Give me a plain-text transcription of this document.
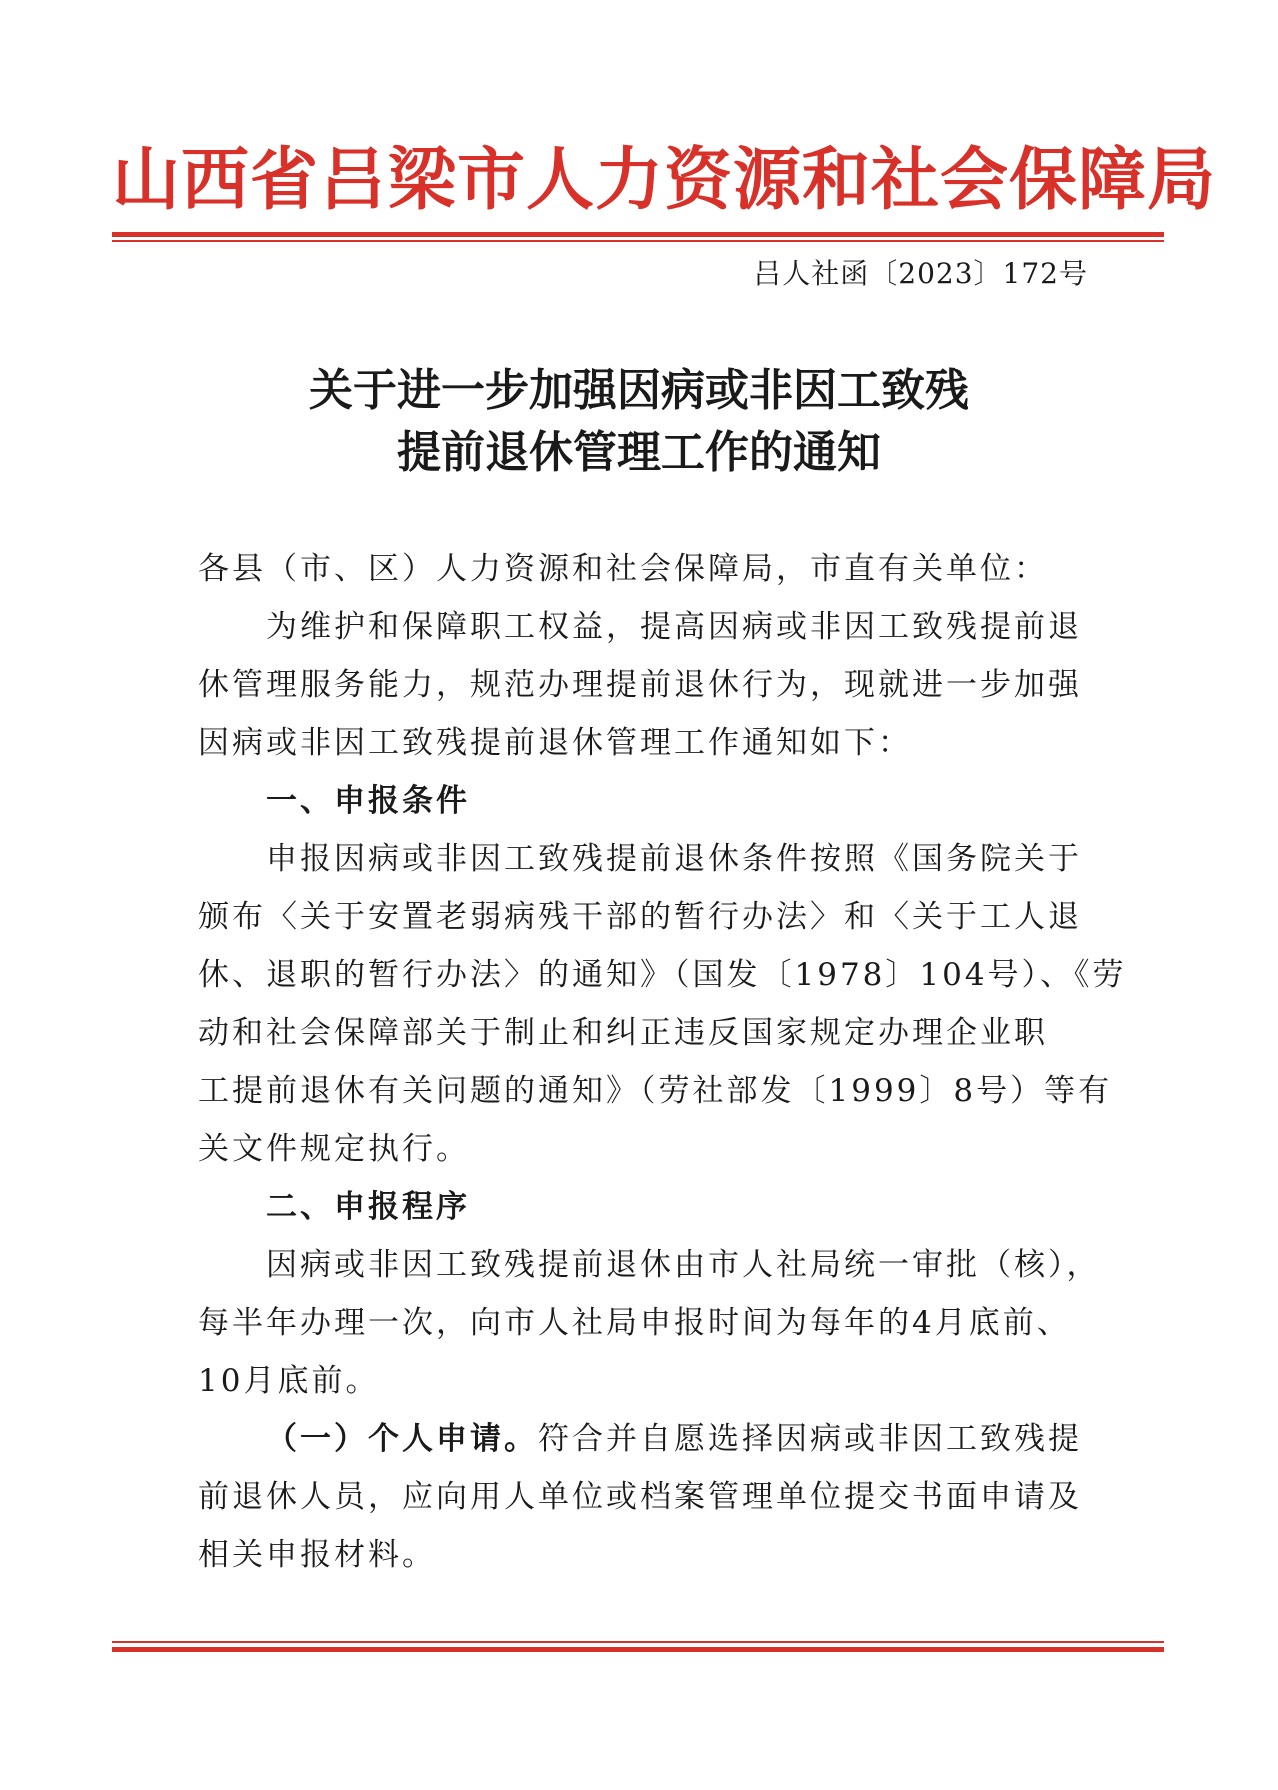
山西省吕梁市人力资源和社会保障局
吕人社函〔2023〕172号
关于进一步加强因病或非因工致残
提前退休管理工作的通知

各县（市、区）人力资源和社会保障局，市直有关单位：

为维护和保障职工权益，提高因病或非因工致残提前退

休管理服务能力，规范办理提前退休行为，现就进一步加强

因病或非因工致残提前退休管理工作通知如下：

一、申报条件

申报因病或非因工致残提前退休条件按照《国务院关于

颁布〈关于安置老弱病残干部的暂行办法〉和〈关于工人退

休、退职的暂行办法〉的通知》（国发〔1978〕104号）、《劳

动和社会保障部关于制止和纠正违反国家规定办理企业职

工提前退休有关问题的通知》（劳社部发〔1999〕8号）等有

关文件规定执行。

二、申报程序

因病或非因工致残提前退休由市人社局统一审批（核），

每半年办理一次，向市人社局申报时间为每年的4月底前、

10月底前。

（一）个人申请。符合并自愿选择因病或非因工致残提

前退休人员，应向用人单位或档案管理单位提交书面申请及

相关申报材料。
